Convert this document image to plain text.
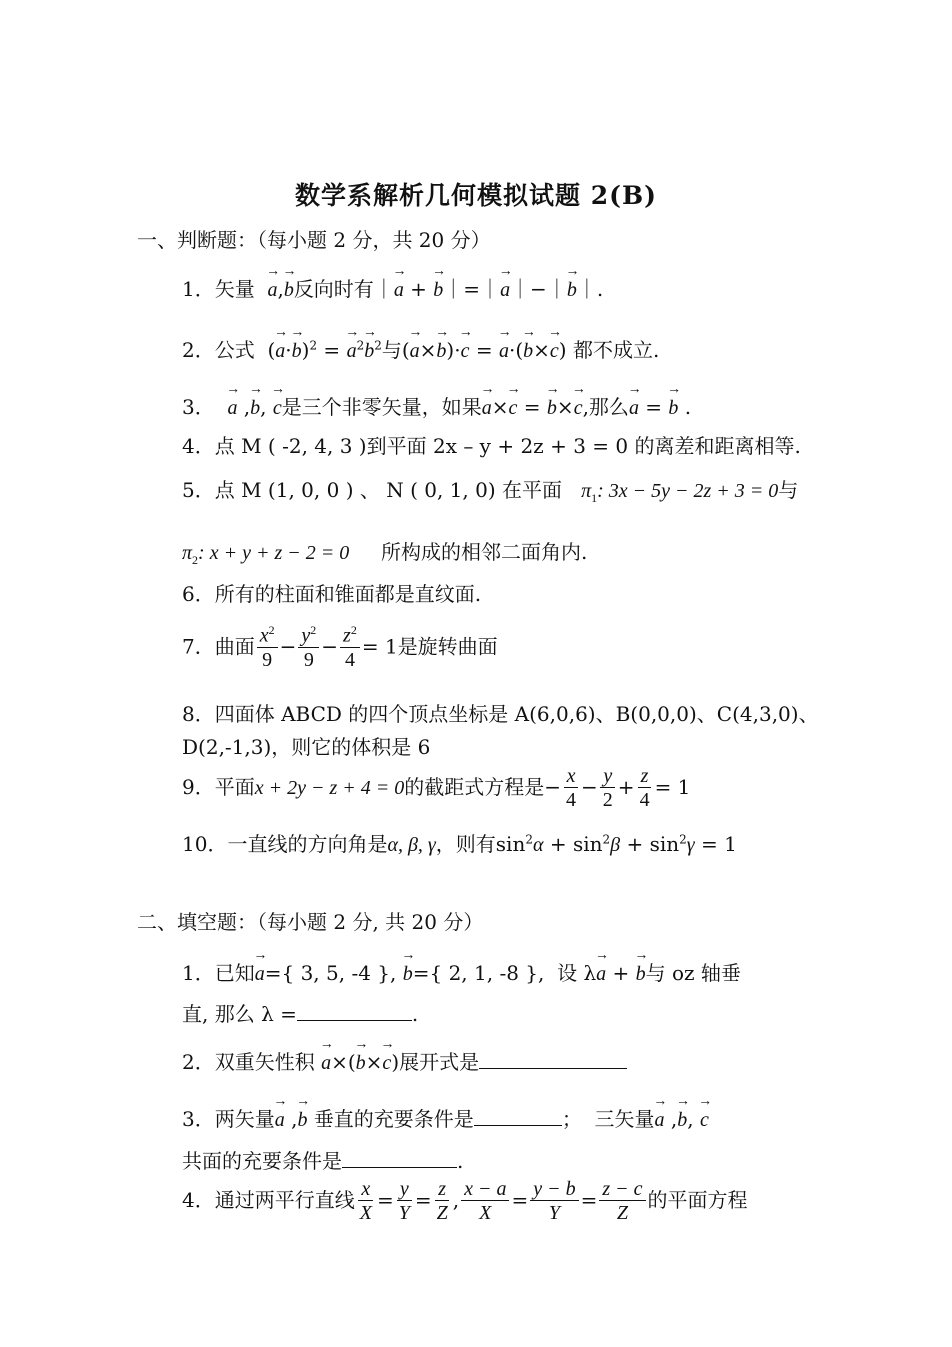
数学系解析几何模拟试题 2(B)
一、判断题：（每小题 2 分，共 20 分）
1．矢量 → a,→ b反向时有｜→ a + → b｜=｜→ a｜−｜→ b｜.
2．公式  (→ a·→ b)$^2$ = → $a^2\to b^2$与(→ a×→ b)·→ c = → a·(→ b×→ c) 都不成立.
3． → a ,→ b, → c是三个非零矢量，如果→ a×→ c = → b×→ c,那么→ a = → b .
4．点 M ( -2, 4, 3 )到平面 2x – y + 2z + 3 = 0 的离差和距离相等.
5．点 M (1, 0, 0 ) 、 N ( 0, 1, 0) 在平面 $\pi_1$: 3x − 5y − 2z + 3 = 0与
$\pi_2$: x + y + z − 2 = 0 所构成的相邻二面角内.
6．所有的柱面和锥面都是直纹面.
7．曲面 $\frac{x^2}{9} - \frac{y^2}{9} - \frac{z^2}{4} = 1$是旋转曲面
8．四面体 ABCD 的四个顶点坐标是 A(6,0,6)、B(0,0,0)、C(4,3,0)、
D(2,-1,3)，则它的体积是 6
9．平面x + 2y − z + 4 = 0的截距式方程是− $\frac{x}{4} - \frac{y}{2} + \frac{z}{4} = 1$
10．一直线的方向角是α, β, γ，则有$\sin^2\alpha + \sin^2\beta + \sin^2\gamma = 1$
二、填空题：（每小题 2 分, 共 20 分）
1．已知→ a={ 3, 5, -4 }, → b={ 2, 1, -8 }, 设 λ→ a + → b与 oz 轴垂
直, 那么 λ =	.
2．双重矢性积 → a×(→ b×→ c)展开式是
3．两矢量→ a ,→ b 垂直的充要条件是	； 三矢量→ a ,→ b, → c
共面的充要条件是	.
4．通过两平行直线 $\frac{x}{X} = \frac{y}{Y} = \frac{z}{Z}$ , $\frac{x - a}{X} = \frac{y - b}{Y} = \frac{z - c}{Z}$ 的平面方程
